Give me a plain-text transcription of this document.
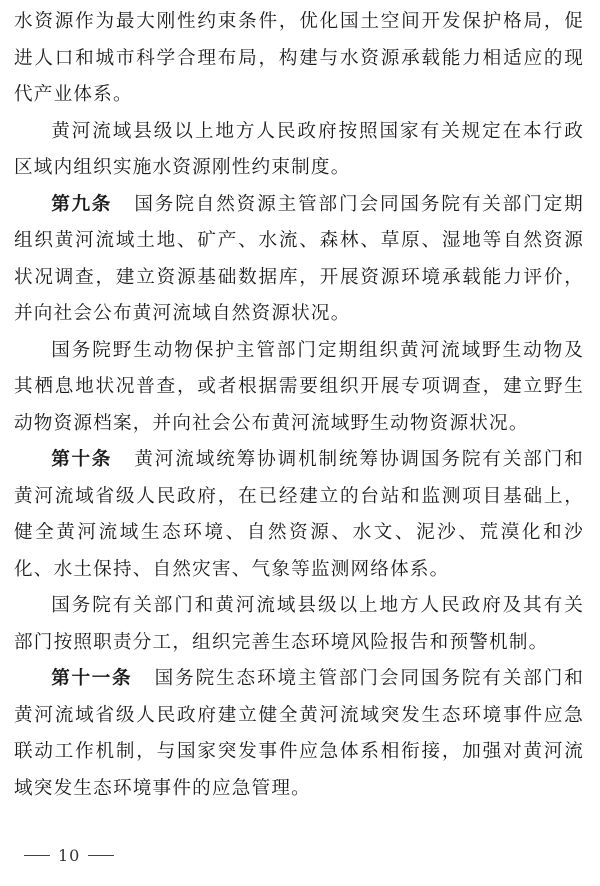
水资源作为最大刚性约束条件，优化国土空间开发保护格局，促进人口和城市科学合理布局，构建与水资源承载能力相适应的现代产业体系。

黄河流域县级以上地方人民政府按照国家有关规定在本行政区域内组织实施水资源刚性约束制度。

第九条 国务院自然资源主管部门会同国务院有关部门定期组织黄河流域土地、矿产、水流、森林、草原、湿地等自然资源状况调查，建立资源基础数据库，开展资源环境承载能力评价，并向社会公布黄河流域自然资源状况。

国务院野生动物保护主管部门定期组织黄河流域野生动物及其栖息地状况普查，或者根据需要组织开展专项调查，建立野生动物资源档案，并向社会公布黄河流域野生动物资源状况。

第十条 黄河流域统筹协调机制统筹协调国务院有关部门和黄河流域省级人民政府，在已经建立的台站和监测项目基础上，健全黄河流域生态环境、自然资源、水文、泥沙、荒漠化和沙化、水土保持、自然灾害、气象等监测网络体系。

国务院有关部门和黄河流域县级以上地方人民政府及其有关部门按照职责分工，组织完善生态环境风险报告和预警机制。

第十一条 国务院生态环境主管部门会同国务院有关部门和黄河流域省级人民政府建立健全黄河流域突发生态环境事件应急联动工作机制，与国家突发事件应急体系相衔接，加强对黄河流域突发生态环境事件的应急管理。

10
